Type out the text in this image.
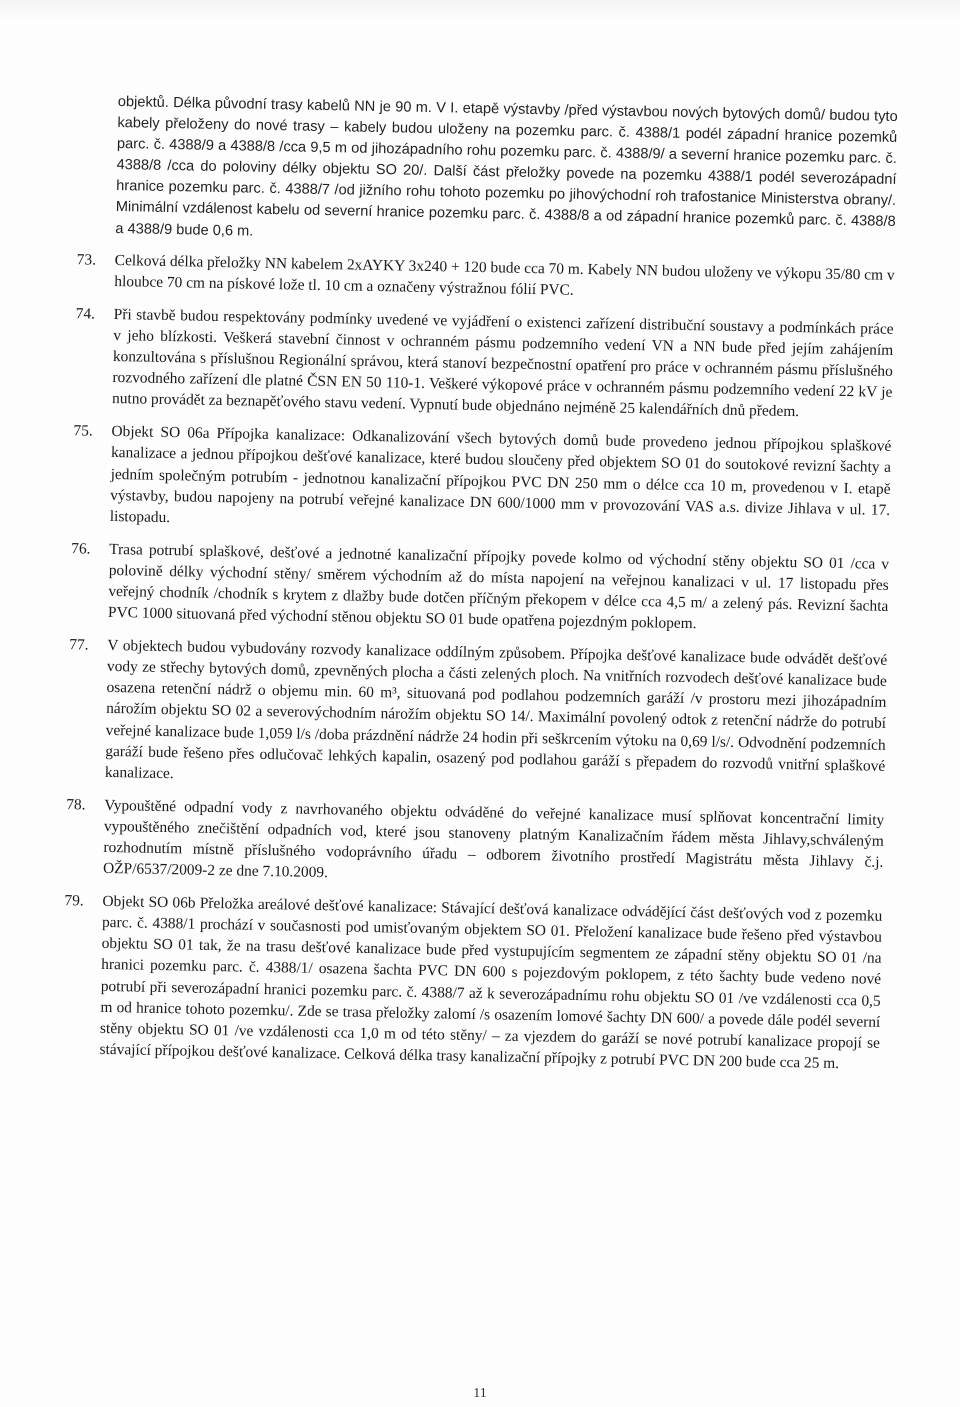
objektů. Délka původní trasy kabelů NN je 90 m. V I. etapě výstavby /před výstavbou nových bytových domů/ budou tyto kabely přeloženy do nové trasy – kabely budou uloženy na pozemku parc. č. 4388/1 podél západní hranice pozemků parc. č. 4388/9 a 4388/8 /cca 9,5 m od jihozápadního rohu pozemku parc. č. 4388/9/ a severní hranice pozemku parc. č. 4388/8 /cca do poloviny délky objektu SO 20/. Další část přeložky povede na pozemku 4388/1 podél severozápadní hranice pozemku parc. č. 4388/7 /od jižního rohu tohoto pozemku po jihovýchodní roh trafostanice Ministerstva obrany/. Minimální vzdálenost kabelu od severní hranice pozemku parc. č. 4388/8 a od západní hranice pozemků parc. č. 4388/8 a 4388/9 bude 0,6 m.

73.	Celková délka přeložky NN kabelem 2xAYKY 3x240 + 120 bude cca 70 m. Kabely NN budou uloženy ve výkopu 35/80 cm v hloubce 70 cm na pískové lože tl. 10 cm a označeny výstražnou fólií PVC.

74.	Při stavbě budou respektovány podmínky uvedené ve vyjádření o existenci zařízení distribuční soustavy a podmínkách práce v jeho blízkosti. Veškerá stavební činnost v ochranném pásmu podzemního vedení VN a NN bude před jejím zahájením konzultována s příslušnou Regionální správou, která stanoví bezpečnostní opatření pro práce v ochranném pásmu příslušného rozvodného zařízení dle platné ČSN EN 50 110-1. Veškeré výkopové práce v ochranném pásmu podzemního vedení 22 kV je nutno provádět za beznapěťového stavu vedení. Vypnutí bude objednáno nejméně 25 kalendářních dnů předem.

75.	Objekt SO 06a Přípojka kanalizace: Odkanalizování všech bytových domů bude provedeno jednou přípojkou splaškové kanalizace a jednou přípojkou dešťové kanalizace, které budou sloučeny před objektem SO 01 do soutokové revizní šachty a jedním společným potrubím - jednotnou kanalizační přípojkou PVC DN 250 mm o délce cca 10 m, provedenou v I. etapě výstavby, budou napojeny na potrubí veřejné kanalizace DN 600/1000 mm v provozování VAS a.s. divize Jihlava v ul. 17. listopadu.

76.	Trasa potrubí splaškové, dešťové a jednotné kanalizační přípojky povede kolmo od východní stěny objektu SO 01 /cca v polovině délky východní stěny/ směrem východním až do místa napojení na veřejnou kanalizaci v ul. 17 listopadu přes veřejný chodník /chodník s krytem z dlažby bude dotčen příčným překopem v délce cca 4,5 m/ a zelený pás. Revizní šachta PVC 1000 situovaná před východní stěnou objektu SO 01 bude opatřena pojezdným poklopem.

77.	V objektech budou vybudovány rozvody kanalizace oddílným způsobem. Přípojka dešťové kanalizace bude odvádět dešťové vody ze střechy bytových domů, zpevněných plocha a části zelených ploch. Na vnitřních rozvodech dešťové kanalizace bude osazena retenční nádrž o objemu min. 60 m³, situovaná pod podlahou podzemních garáží /v prostoru mezi jihozápadním nárožím objektu SO 02 a severovýchodním nárožím objektu SO 14/. Maximální povolený odtok z retenční nádrže do potrubí veřejné kanalizace bude 1,059 l/s /doba prázdnění nádrže 24 hodin při seškrcením výtoku na 0,69 l/s/. Odvodnění podzemních garáží bude řešeno přes odlučovač lehkých kapalin, osazený pod podlahou garáží s přepadem do rozvodů vnitřní splaškové kanalizace.

78.	Vypouštěné odpadní vody z navrhovaného objektu odváděné do veřejné kanalizace musí splňovat koncentrační limity vypouštěného znečištění odpadních vod, které jsou stanoveny platným Kanalizačním řádem města Jihlavy,schváleným rozhodnutím místně příslušného vodoprávního úřadu – odborem životního prostředí Magistrátu města Jihlavy č.j. OŽP/6537/2009-2 ze dne 7.10.2009.

79.	Objekt SO 06b Přeložka areálové dešťové kanalizace: Stávající dešťová kanalizace odvádějící část dešťových vod z pozemku parc. č. 4388/1 prochází v současnosti pod umisťovaným objektem SO 01. Přeložení kanalizace bude řešeno před výstavbou objektu SO 01 tak, že na trasu dešťové kanalizace bude před vystupujícím segmentem ze západní stěny objektu SO 01 /na hranici pozemku parc. č. 4388/1/ osazena šachta PVC DN 600 s pojezdovým poklopem, z této šachty bude vedeno nové potrubí při severozápadní hranici pozemku parc. č. 4388/7 až k severozápadnímu rohu objektu SO 01 /ve vzdálenosti cca 0,5 m od hranice tohoto pozemku/. Zde se trasa přeložky zalomí /s osazením lomové šachty DN 600/ a povede dále podél severní stěny objektu SO 01 /ve vzdálenosti cca 1,0 m od této stěny/ – za vjezdem do garáží se nové potrubí kanalizace propojí se stávající přípojkou dešťové kanalizace. Celková délka trasy kanalizační přípojky z potrubí PVC DN 200 bude cca 25 m.

11
